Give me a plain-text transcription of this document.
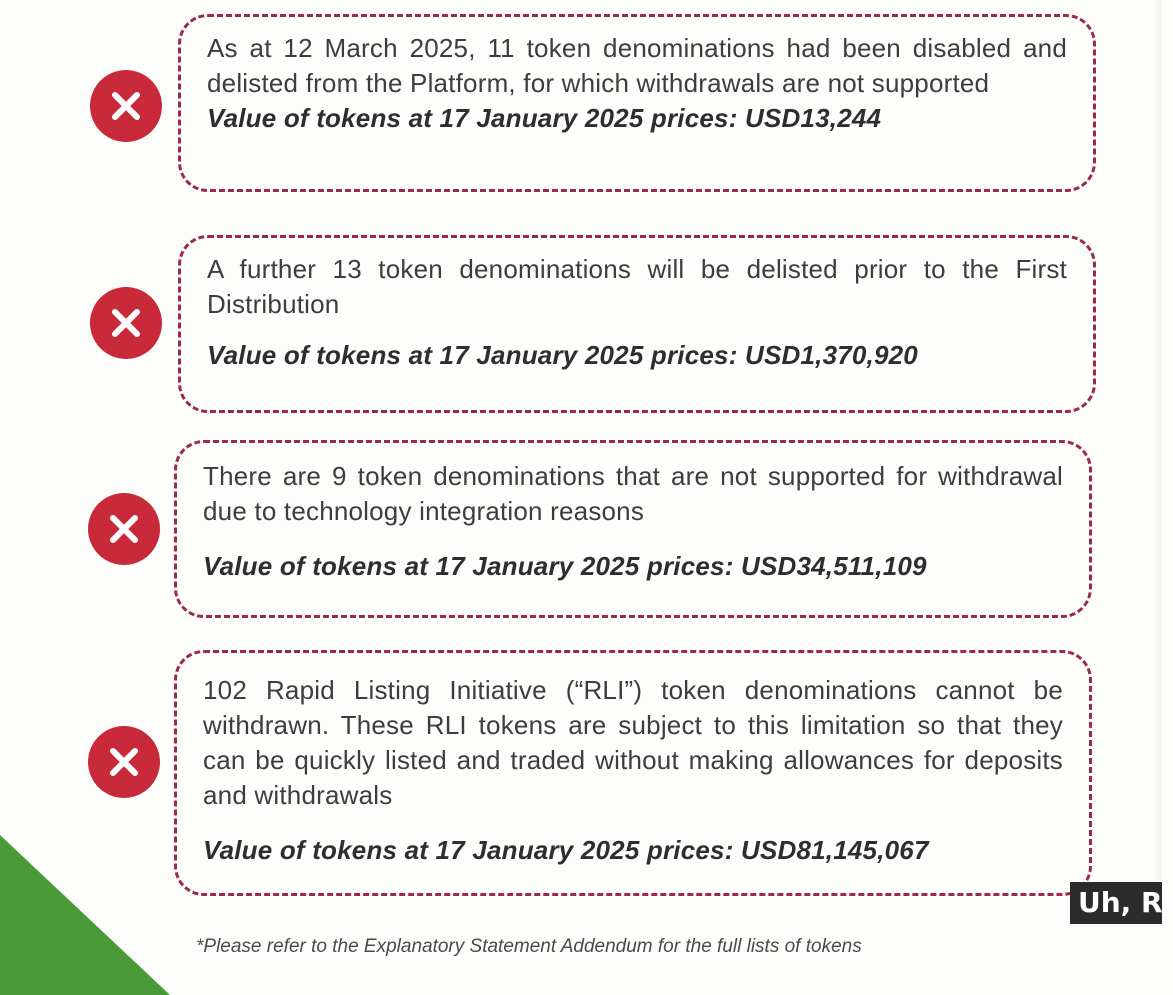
As at 12 March 2025, 11 token denominations had been disabled and delisted from the Platform, for which withdrawals are not supported

Value of tokens at 17 January 2025 prices: USD13,244

A further 13 token denominations will be delisted prior to the First Distribution

Value of tokens at 17 January 2025 prices: USD1,370,920

There are 9 token denominations that are not supported for withdrawal due to technology integration reasons

Value of tokens at 17 January 2025 prices: USD34,511,109

102 Rapid Listing Initiative (“RLI”) token denominations cannot be withdrawn. These RLI tokens are subject to this limitation so that they can be quickly listed and traded without making allowances for deposits and withdrawals

Value of tokens at 17 January 2025 prices: USD81,145,067

*Please refer to the Explanatory Statement Addendum for the full lists of tokens
Uh, RI
